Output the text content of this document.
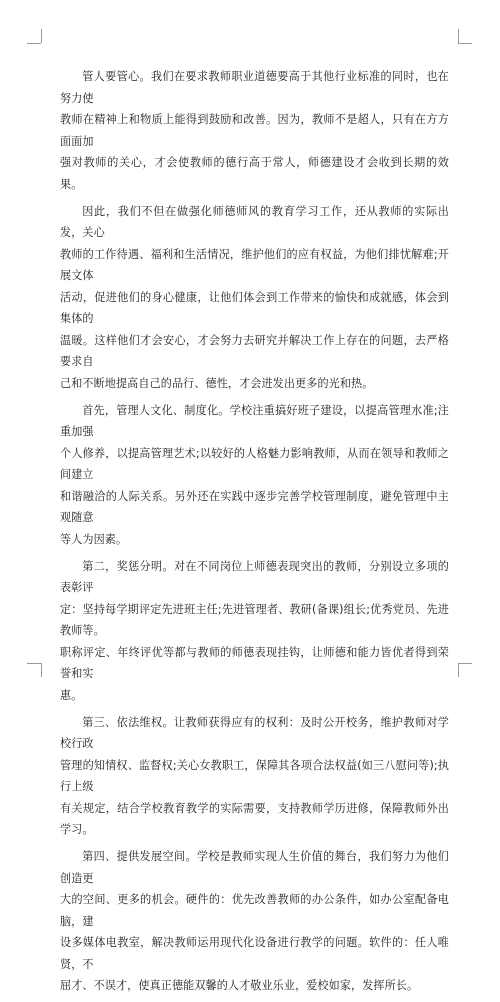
管人要管心。我们在要求教师职业道德要高于其他行业标准的同时，也在努力使
教师在精神上和物质上能得到鼓励和改善。因为，教师不是超人，只有在方方面面加
强对教师的关心，才会使教师的德行高于常人，师德建设才会收到长期的效果。

因此，我们不但在做强化师德师风的教育学习工作，还从教师的实际出发，关心
教师的工作待遇、福利和生活情况，维护他们的应有权益，为他们排忧解难;开展文体
活动，促进他们的身心健康，让他们体会到工作带来的愉快和成就感，体会到集体的
温暖。这样他们才会安心，才会努力去研究并解决工作上存在的问题，去严格要求自
己和不断地提高自己的品行、德性，才会进发出更多的光和热。

首先，管理人文化、制度化。学校注重搞好班子建设，以提高管理水准;注重加强
个人修养，以提高管理艺术;以较好的人格魅力影响教师，从而在领导和教师之间建立
和谐融洽的人际关系。另外还在实践中逐步完善学校管理制度，避免管理中主观随意
等人为因素。

第二，奖惩分明。对在不同岗位上师德表现突出的教师，分别设立多项的表彰评
定：坚持每学期评定先进班主任;先进管理者、教研(备课)组长;优秀党员、先进教师等。
职称评定、年终评优等都与教师的师德表现挂钩，让师德和能力皆优者得到荣誉和实
惠。

第三、依法维权。让教师获得应有的权利：及时公开校务，维护教师对学校行政
管理的知情权、监督权;关心女教职工，保障其各项合法权益(如三八慰问等);执行上级
有关规定，结合学校教育教学的实际需要，支持教师学历进修，保障教师外出学习。

第四、提供发展空间。学校是教师实现人生价值的舞台，我们努力为他们创造更
大的空间、更多的机会。硬件的：优先改善教师的办公条件，如办公室配备电脑，建
设多媒体电教室，解决教师运用现代化设备进行教学的问题。软件的：任人唯贤，不
屈才、不误才，使真正德能双馨的人才敬业乐业，爱校如家，发挥所长。
